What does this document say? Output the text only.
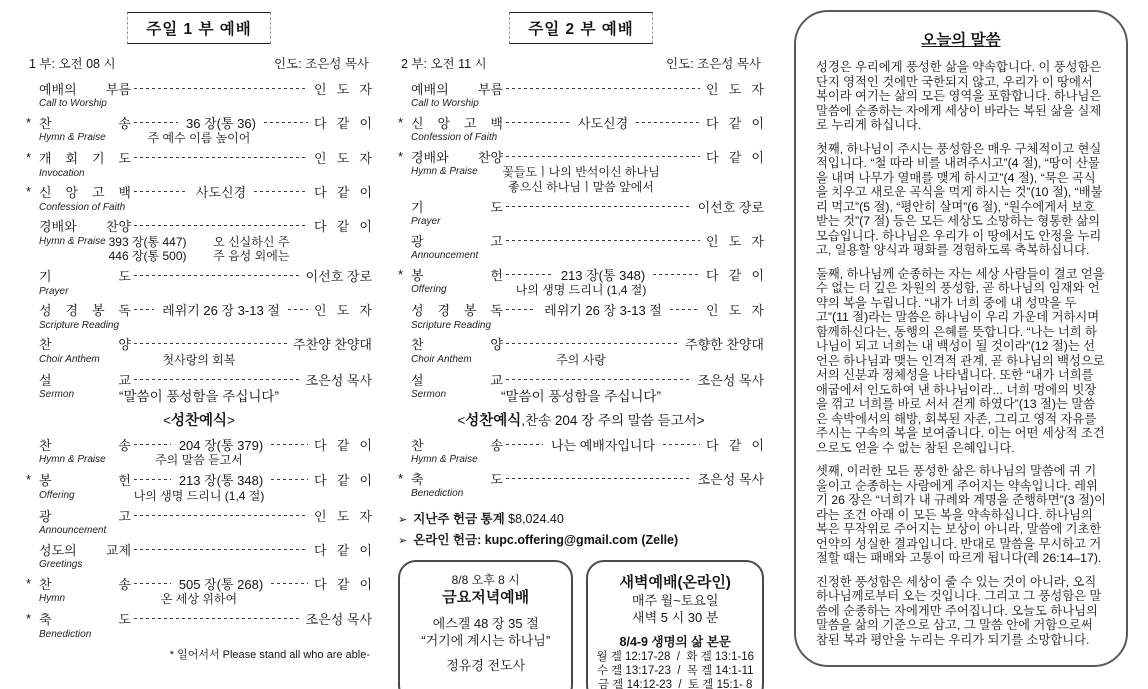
주일 1 부 예배
1 부: 오전 08 시	인도: 조은성 목사
예배의 부름	인 도 자
Call to Worship
* 찬 송	36 장(통 36)	다 같 이
Hymn & Praise	주 예수 이름 높이어
* 개 회 기 도	인 도 자
Invocation
* 신 앙 고 백	사도신경	다 같 이
Confession of Faith
경배와 찬양	다 같 이
Hymn & Praise 393 장(통 447)        오 신실하신 주
446 장(통 500)        주 음성 외에는
기 도	이선호 장로
Prayer
성 경 봉 독	레위기 26 장 3-13 절	인 도 자
Scripture Reading
찬 양	주찬양 찬양대
Choir Anthem	첫사랑의 회복
설 교	조은성 목사
Sermon	“말씀이 풍성함을 주십니다”
<성찬예식>
찬 송	204 장(통 379)	다 같 이
Hymn & Praise	주의 말씀 듣고서
* 봉 헌	213 장(통 348)	다 같 이
Offering	나의 생명 드리니 (1,4 절)
광 고	인 도 자
Announcement
성도의 교제	다 같 이
Greetings
* 찬 송	505 장(통 268)	다 같 이
Hymn	온 세상 위하여
* 축 도	조은성 목사
Benediction
* 일어서서 Please stand all who are able-
주일 2 부 예배
2 부: 오전 11 시	인도: 조은성 목사
예배의 부름	인 도 자
Call to Worship
* 신 앙 고 백	사도신경	다 같 이
Confession of Faith
* 경배와 찬양	다 같 이
Hymn & Praise	꽃들도ㅣ나의 반석이신 하나님
좋으신 하나님ㅣ말씀 앞에서
기 도	이선호 장로
Prayer
광 고	인 도 자
Announcement
* 봉 헌	213 장(통 348)	다 같 이
Offering	나의 생명 드리니 (1,4 절)
성 경 봉 독	레위기 26 장 3-13 절	인 도 자
Scripture Reading
찬 양	주향한 찬양대
Choir Anthem	주의 사랑
설 교	조은성 목사
Sermon	“말씀이 풍성함을 주십니다”
<성찬예식,찬송 204 장 주의 말씀 듣고서>
찬 송	나는 예배자입니다	다 같 이
Hymn & Praise
* 축 도	조은성 목사
Benediction
➢ 지난주 헌금 통계 $8,024.40
➢ 온라인 헌금: kupc.offering@gmail.com (Zelle)
8/8 오후 8 시
금요저녁예배
에스겔 48 장 35 절
“거기에 계시는 하나님”
정유경 전도사
새벽예배(온라인)
매주 월~토요일
새벽 5 시 30 분
8/4-9 생명의 삶 본문
월 겔 12:17-28  /  화 겔 13:1-16
수 겔 13:17-23  /  목 겔 14:1-11
금 겔 14:12-23  /  토 겔 15:1- 8
오늘의 말씀

성경은 우리에게 풍성한 삶을 약속합니다. 이 풍성함은 단지 영적인 것에만 국한되지 않고, 우리가 이 땅에서 복이라 여기는 삶의 모든 영역을 포함합니다. 하나님은 말씀에 순종하는 자에게 세상이 바라는 복된 삶을 실제로 누리게 하십니다.

첫째, 하나님이 주시는 풍성함은 매우 구체적이고 현실적입니다. “철 따라 비를 내려주시고”(4 절), “땅이 산물을 내며 나무가 열매를 맺게 하시고”(4 절), “묵은 곡식을 치우고 새로운 곡식을 먹게 하시는 것”(10 절), “배불리 먹고”(5 절), “평안히 살며”(6 절), “원수에게서 보호받는 것”(7 절) 등은 모든 세상도 소망하는 형통한 삶의 모습입니다. 하나님은 우리가 이 땅에서도 안정을 누리고, 일용할 양식과 평화를 경험하도록 축복하십니다.

둘째, 하나님께 순종하는 자는 세상 사람들이 결코 얻을 수 없는 더 깊은 차원의 풍성함, 곧 하나님의 임재와 언약의 복을 누립니다. “내가 너희 중에 내 성막을 두고”(11 절)라는 말씀은 하나님이 우리 가운데 거하시며 함께하신다는, 동행의 은혜를 뜻합니다. “나는 너희 하나님이 되고 너희는 내 백성이 될 것이라”(12 절)는 선언은 하나님과 맺는 인격적 관계, 곧 하나님의 백성으로서의 신분과 정체성을 나타냅니다. 또한 “내가 너희를 애굽에서 인도하여 낸 하나님이라... 너희 멍에의 빗장을 꺾고 너희를 바로 서서 걷게 하였다”(13 절)는 말씀은 속박에서의 해방, 회복된 자존, 그리고 영적 자유를 주시는 구속의 복을 보여줍니다. 이는 어떤 세상적 조건으로도 얻을 수 없는 참된 은혜입니다.

셋째, 이러한 모든 풍성한 삶은 하나님의 말씀에 귀 기울이고 순종하는 사람에게 주어지는 약속입니다. 레위기 26 장은 “너희가 내 규례와 계명을 준행하면”(3 절)이라는 조건 아래 이 모든 복을 약속하십니다. 하나님의 복은 무작위로 주어지는 보상이 아니라, 말씀에 기초한 언약의 성실한 결과입니다. 반대로 말씀을 무시하고 거절할 때는 패배와 고통이 따르게 됩니다(레 26:14–17).

진정한 풍성함은 세상이 줄 수 있는 것이 아니라, 오직 하나님께로부터 오는 것입니다. 그리고 그 풍성함은 말씀에 순종하는 자에게만 주어집니다. 오늘도 하나님의 말씀을 삶의 기준으로 삼고, 그 말씀 안에 거함으로써 참된 복과 평안을 누리는 우리가 되기를 소망합니다.
